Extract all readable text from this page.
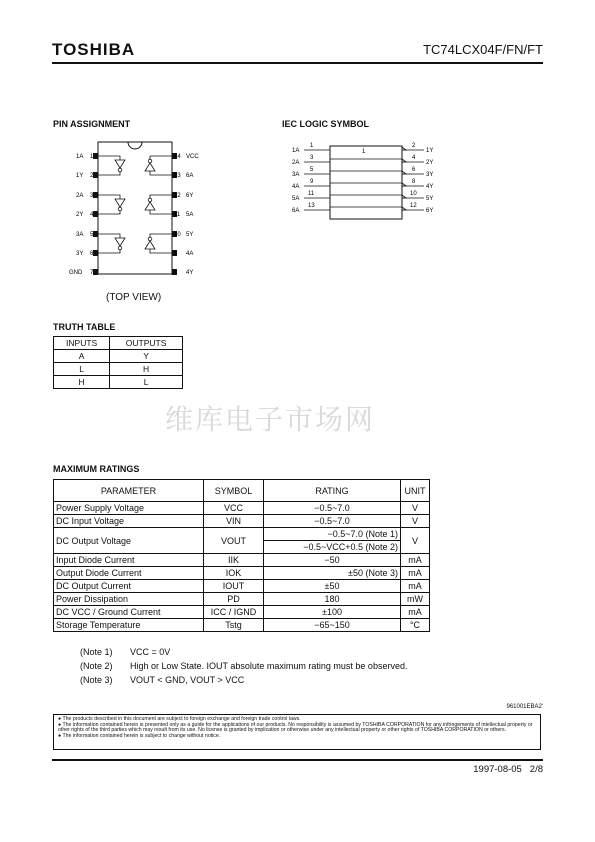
TOSHIBA	TC74LCX04F/FN/FT
PIN ASSIGNMENT
1A 1
1Y 2
2A 3
2Y 4
3A 5
3Y 6
GND 7
14 VCC
13 6A
12 6Y
11 5A
10 5Y
9 4A
8 4Y
(TOP VIEW)
IEC LOGIC SYMBOL
1
1A
1
2A
3
3A
5
4A
9
5A
11
6A
13
2
1Y
4
2Y
6
3Y
8
4Y
10
5Y
12
6Y
TRUTH TABLE
INPUTS	OUTPUTS
A	Y
L	H
H	L
维库电子市场网
MAXIMUM RATINGS
PARAMETER	SYMBOL	RATING	UNIT
Power Supply Voltage	VCC	−0.5~7.0	V
DC Input Voltage	VIN	−0.5~7.0	V
DC Output Voltage	VOUT	−0.5~7.0 (Note 1)	V
		−0.5~VCC+0.5 (Note 2)	
Input Diode Current	IIK	−50	mA
Output Diode Current	IOK	±50 (Note 3)	mA
DC Output Current	IOUT	±50	mA
Power Dissipation	PD	180	mW
DC VCC / Ground Current	ICC / IGND	±100	mA
Storage Temperature	Tstg	−65~150	°C
(Note 1) VCC = 0V
(Note 2) High or Low State. IOUT absolute maximum rating must be observed.
(Note 3) VOUT < GND, VOUT > VCC
961001EBA2'

● The products described in this document are subject to foreign exchange and foreign trade control laws.

● The information contained herein is presented only as a guide for the applications of our products. No responsibility is assumed by TOSHIBA CORPORATION for any infringements of intellectual property or other rights of the third parties which may result from its use. No license is granted by implication or otherwise under any intellectual property or other rights of TOSHIBA CORPORATION or others.

● The information contained herein is subject to change without notice.

1997-08-05 2/8
